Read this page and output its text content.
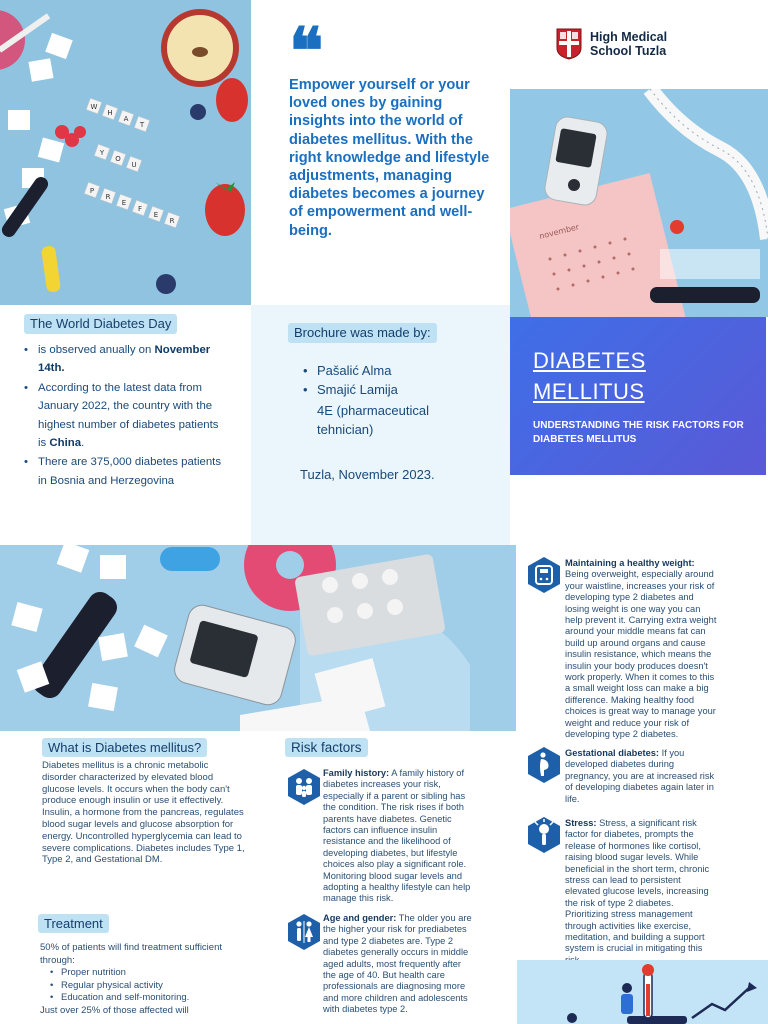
W
H
A
T
Y
O
U
P
R
E
F
E
R
❝
Empower yourself or your loved ones by gaining insights into the world of diabetes mellitus. With the right knowledge and lifestyle adjustments, managing diabetes becomes a journey of empowerment and well-being.
High Medical
School Tuzla
november
DIABETES
MELLITUS
UNDERSTANDING THE RISK FACTORS FOR DIABETES MELLITUS
The World Diabetes Day
• is observed anually on November 14th.
• According to the latest data from January 2022, the country with the highest number of diabetes patients is China.
• There are 375,000 diabetes patients in Bosnia and Herzegovina
Brochure was made by:
• Pašalić Alma
• Smajić Lamija
4E (pharmaceutical tehnician)
Tuzla, November 2023.
What is Diabetes mellitus?
Diabetes mellitus is a chronic metabolic disorder characterized by elevated blood glucose levels. It occurs when the body can't produce enough insulin or use it effectively. Insulin, a hormone from the pancreas, regulates blood sugar levels and glucose absorption for energy. Uncontrolled hyperglycemia can lead to severe complications. Diabetes includes Type 1, Type 2, and Gestational DM.
Treatment
50% of patients will find treatment sufficient through:
• Proper nutrition
• Regular physical activity
• Education and self-monitoring.
Just over 25% of those affected will
Risk factors
Family history: A family history of diabetes increases your risk, especially if a parent or sibling has the condition. The risk rises if both parents have diabetes. Genetic factors can influence insulin resistance and the likelihood of developing diabetes, but lifestyle choices also play a significant role. Monitoring blood sugar levels and adopting a healthy lifestyle can help manage this risk.
Age and gender: The older you are the higher your risk for prediabetes and type 2 diabetes are. Type 2 diabetes generally occurs in middle aged adults, most frequently after the age of 40. But health care professionals are diagnosing more and more children and adolescents with diabetes type 2.
Maintaining a healthy weight: Being overweight, especially around your waistline, increases your risk of developing type 2 diabetes and losing weight is one way you can help prevent it. Carrying extra weight around your middle means fat can build up around organs and cause insulin resistance, which means the insulin your body produces doesn't work properly. When it comes to this a small weight loss can make a big difference. Making healthy food choices is great way to manage your weight and reduce your risk of developing type 2 diabetes.
Gestational diabetes: If you developed diabetes during pregnancy, you are at increased risk of developing diabetes again later in life.
Stress: Stress, a significant risk factor for diabetes, prompts the release of hormones like cortisol, raising blood sugar levels. While beneficial in the short term, chronic stress can lead to persistent elevated glucose levels, increasing the risk of type 2 diabetes. Prioritizing stress management through activities like exercise, meditation, and building a support system is crucial in mitigating this
